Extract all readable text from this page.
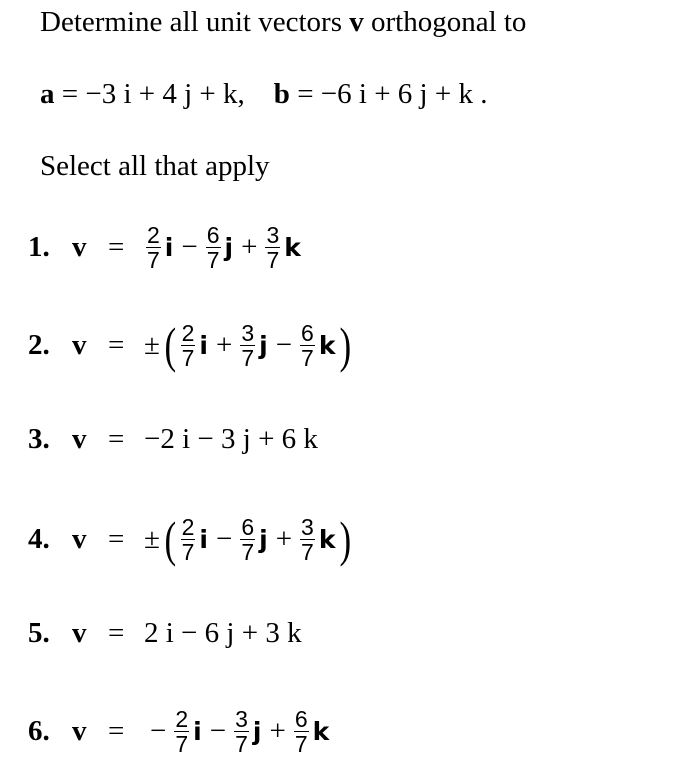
Determine all unit vectors v orthogonal to
a = −3 i + 4 j + k, b = −6 i + 6 j + k .
Select all that apply
1. $v = \frac{2}{7}$ $i - \frac{6}{7}$ $j + \frac{3}{7}$ k
2. v = ± ( $\frac{2}{7}$ $i + \frac{3}{7}$ $j - \frac{6}{7}$ k )
3. v = −2 i − 3 j + 6 k
4. v = ± ( $\frac{2}{7}$ $i - \frac{6}{7}$ $j + \frac{3}{7}$ k )
5. v = 2 i − 6 j + 3 k
6. v = − $\frac{2}{7}$ $i - \frac{3}{7}$ $j + \frac{6}{7}$ k
